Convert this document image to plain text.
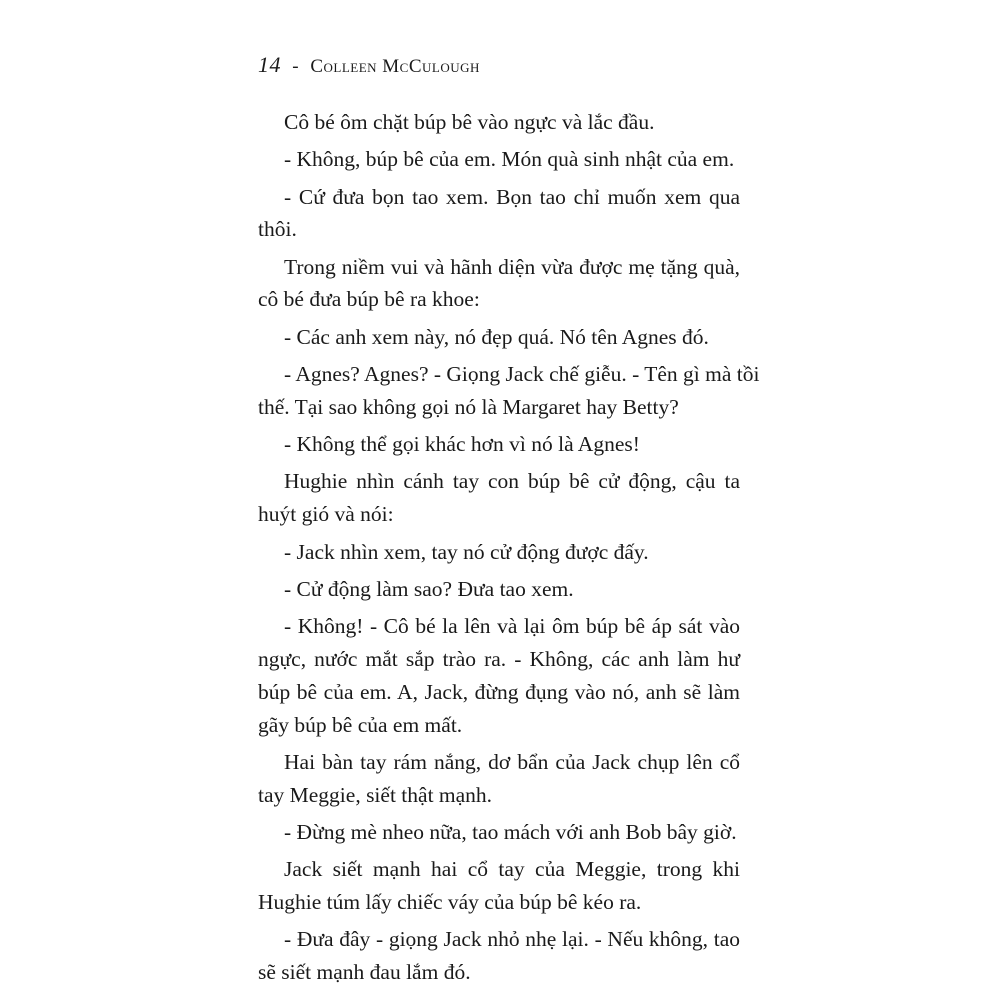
14 - Colleen McCulough

Cô bé ôm chặt búp bê vào ngực và lắc đầu.

- Không, búp bê của em. Món quà sinh nhật của em.

- Cứ đưa bọn tao xem. Bọn tao chỉ muốn xem qua
thôi.

Trong niềm vui và hãnh diện vừa được mẹ tặng quà,
cô bé đưa búp bê ra khoe:

- Các anh xem này, nó đẹp quá. Nó tên Agnes đó.

- Agnes? Agnes? - Giọng Jack chế giễu. - Tên gì mà tồi
thế. Tại sao không gọi nó là Margaret hay Betty?

- Không thể gọi khác hơn vì nó là Agnes!

Hughie nhìn cánh tay con búp bê cử động, cậu ta
huýt gió và nói:

- Jack nhìn xem, tay nó cử động được đấy.

- Cử động làm sao? Đưa tao xem.

- Không! - Cô bé la lên và lại ôm búp bê áp sát vào
ngực, nước mắt sắp trào ra. - Không, các anh làm hư
búp bê của em. A, Jack, đừng đụng vào nó, anh sẽ làm
gãy búp bê của em mất.

Hai bàn tay rám nắng, dơ bẩn của Jack chụp lên cổ
tay Meggie, siết thật mạnh.

- Đừng mè nheo nữa, tao mách với anh Bob bây giờ.

Jack siết mạnh hai cổ tay của Meggie, trong khi
Hughie túm lấy chiếc váy của búp bê kéo ra.

- Đưa đây - giọng Jack nhỏ nhẹ lại. - Nếu không, tao
sẽ siết mạnh đau lắm đó.
